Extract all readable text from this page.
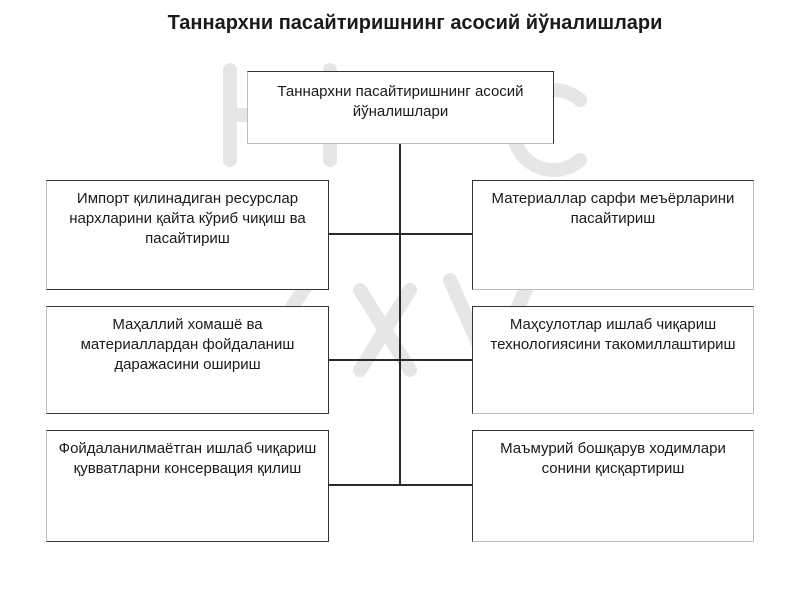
Таннархни пасайтиришнинг асосий йўналишлари
Таннархни пасайтиришнинг асосий йўналишлари
Импорт қилинадиган ресурслар нархларини қайта кўриб чиқиш ва пасайтириш
Маҳаллий хомашё ва материаллардан фойдаланиш даражасини ошириш
Фойдаланилмаётган ишлаб чиқариш қувватларни консервация қилиш
Материаллар сарфи меъёрларини пасайтириш
Маҳсулотлар ишлаб чиқариш технологиясини такомиллаштириш
Маъмурий бошқарув ходимлари сонини қисқартириш
